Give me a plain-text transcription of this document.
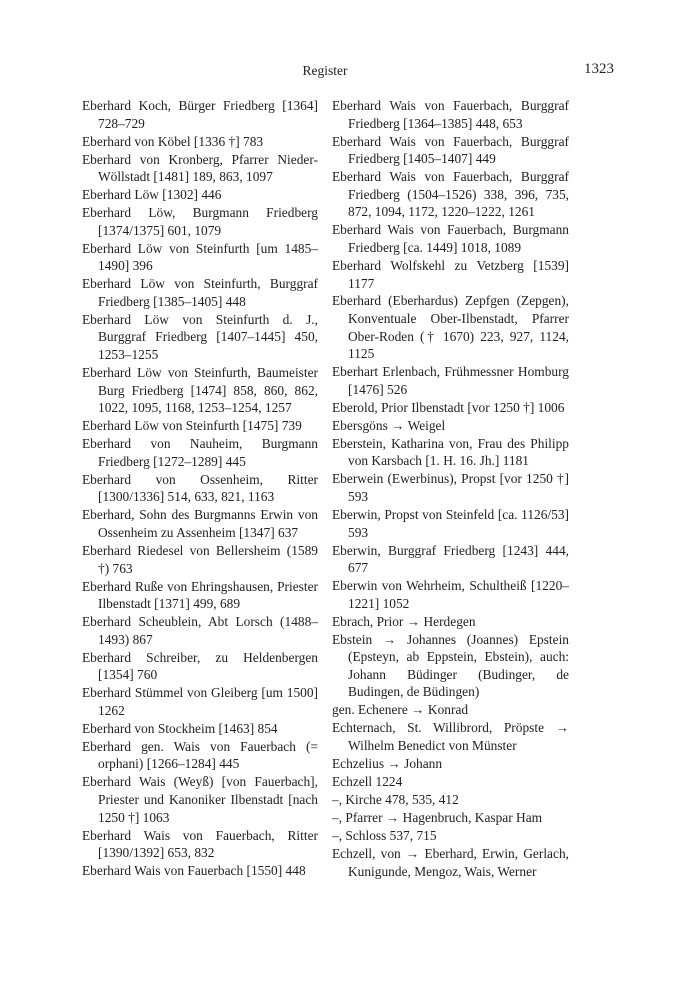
Register	1323

Eberhard Koch, Bürger Friedberg [1364] 728–729

Eberhard von Köbel [1336 †] 783

Eberhard von Kronberg, Pfarrer Nieder-Wöllstadt [1481] 189, 863, 1097

Eberhard Löw [1302] 446

Eberhard Löw, Burgmann Friedberg [1374/1375] 601, 1079

Eberhard Löw von Steinfurth [um 1485–1490] 396

Eberhard Löw von Steinfurth, Burggraf Friedberg [1385–1405] 448

Eberhard Löw von Steinfurth d. J., Burggraf Friedberg [1407–1445] 450, 1253–1255

Eberhard Löw von Steinfurth, Baumeister Burg Friedberg [1474] 858, 860, 862, 1022, 1095, 1168, 1253–1254, 1257

Eberhard Löw von Steinfurth [1475] 739

Eberhard von Nauheim, Burgmann Friedberg [1272–1289] 445

Eberhard von Ossenheim, Ritter [1300/1336] 514, 633, 821, 1163

Eberhard, Sohn des Burgmanns Erwin von Ossenheim zu Assenheim [1347] 637

Eberhard Riedesel von Bellersheim (1589 †) 763

Eberhard Ruße von Ehringshausen, Priester Ilbenstadt [1371] 499, 689

Eberhard Scheublein, Abt Lorsch (1488–1493) 867

Eberhard Schreiber, zu Heldenbergen [1354] 760

Eberhard Stümmel von Gleiberg [um 1500] 1262

Eberhard von Stockheim [1463] 854

Eberhard gen. Wais von Fauerbach (= orphani) [1266–1284] 445

Eberhard Wais (Weyß) [von Fauerbach], Priester und Kanoniker Ilbenstadt [nach 1250 †] 1063

Eberhard Wais von Fauerbach, Ritter [1390/1392] 653, 832

Eberhard Wais von Fauerbach [1550] 448

Eberhard Wais von Fauerbach, Burggraf Friedberg [1364–1385] 448, 653

Eberhard Wais von Fauerbach, Burggraf Friedberg [1405–1407] 449

Eberhard Wais von Fauerbach, Burggraf Friedberg (1504–1526) 338, 396, 735, 872, 1094, 1172, 1220–1222, 1261

Eberhard Wais von Fauerbach, Burgmann Friedberg [ca. 1449] 1018, 1089

Eberhard Wolfskehl zu Vetzberg [1539] 1177

Eberhard (Eberhardus) Zepfgen (Zepgen), Konventuale Ober-Ilbenstadt, Pfarrer Ober-Roden († 1670) 223, 927, 1124, 1125

Eberhart Erlenbach, Frühmessner Homburg [1476] 526

Eberold, Prior Ilbenstadt [vor 1250 †] 1006

Ebersgöns → Weigel

Eberstein, Katharina von, Frau des Philipp von Karsbach [1. H. 16. Jh.] 1181

Eberwein (Ewerbinus), Propst [vor 1250 †] 593

Eberwin, Propst von Steinfeld [ca. 1126/53] 593

Eberwin, Burggraf Friedberg [1243] 444, 677

Eberwin von Wehrheim, Schultheiß [1220–1221] 1052

Ebrach, Prior → Herdegen

Ebstein → Johannes (Joannes) Epstein (Epsteyn, ab Eppstein, Ebstein), auch: Johann Büdinger (Budinger, de Budingen, de Büdingen)

gen. Echenere → Konrad

Echternach, St. Willibrord, Pröpste → Wilhelm Benedict von Münster

Echzelius → Johann

Echzell 1224

–, Kirche 478, 535, 412

–, Pfarrer → Hagenbruch, Kaspar Ham

–, Schloss 537, 715

Echzell, von → Eberhard, Erwin, Gerlach, Kunigunde, Mengoz, Wais, Werner
